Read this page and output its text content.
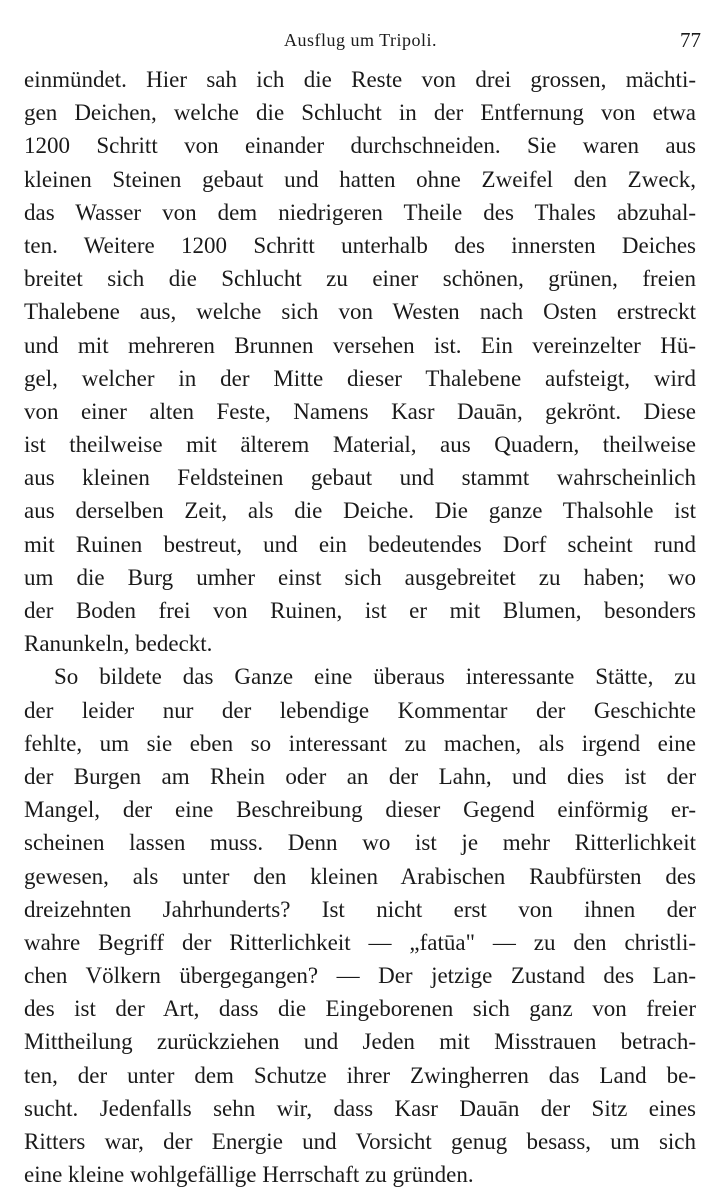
Ausflug um Tripoli.	77
einmündet. Hier sah ich die Reste von drei grossen, mächti-
gen Deichen, welche die Schlucht in der Entfernung von etwa
1200 Schritt von einander durchschneiden. Sie waren aus
kleinen Steinen gebaut und hatten ohne Zweifel den Zweck,
das Wasser von dem niedrigeren Theile des Thales abzuhal-
ten. Weitere 1200 Schritt unterhalb des innersten Deiches
breitet sich die Schlucht zu einer schönen, grünen, freien
Thalebene aus, welche sich von Westen nach Osten erstreckt
und mit mehreren Brunnen versehen ist. Ein vereinzelter Hü-
gel, welcher in der Mitte dieser Thalebene aufsteigt, wird
von einer alten Feste, Namens Kasr Dauān, gekrönt. Diese
ist theilweise mit älterem Material, aus Quadern, theilweise
aus kleinen Feldsteinen gebaut und stammt wahrscheinlich
aus derselben Zeit, als die Deiche. Die ganze Thalsohle ist
mit Ruinen bestreut, und ein bedeutendes Dorf scheint rund
um die Burg umher einst sich ausgebreitet zu haben; wo
der Boden frei von Ruinen, ist er mit Blumen, besonders
Ranunkeln, bedeckt.
So bildete das Ganze eine überaus interessante Stätte, zu
der leider nur der lebendige Kommentar der Geschichte
fehlte, um sie eben so interessant zu machen, als irgend eine
der Burgen am Rhein oder an der Lahn, und dies ist der
Mangel, der eine Beschreibung dieser Gegend einförmig er-
scheinen lassen muss. Denn wo ist je mehr Ritterlichkeit
gewesen, als unter den kleinen Arabischen Raubfürsten des
dreizehnten Jahrhunderts? Ist nicht erst von ihnen der
wahre Begriff der Ritterlichkeit — „fatūa" — zu den christli-
chen Völkern übergegangen? — Der jetzige Zustand des Lan-
des ist der Art, dass die Eingeborenen sich ganz von freier
Mittheilung zurückziehen und Jeden mit Misstrauen betrach-
ten, der unter dem Schutze ihrer Zwingherren das Land be-
sucht. Jedenfalls sehn wir, dass Kasr Dauān der Sitz eines
Ritters war, der Energie und Vorsicht genug besass, um sich
eine kleine wohlgefällige Herrschaft zu gründen.
